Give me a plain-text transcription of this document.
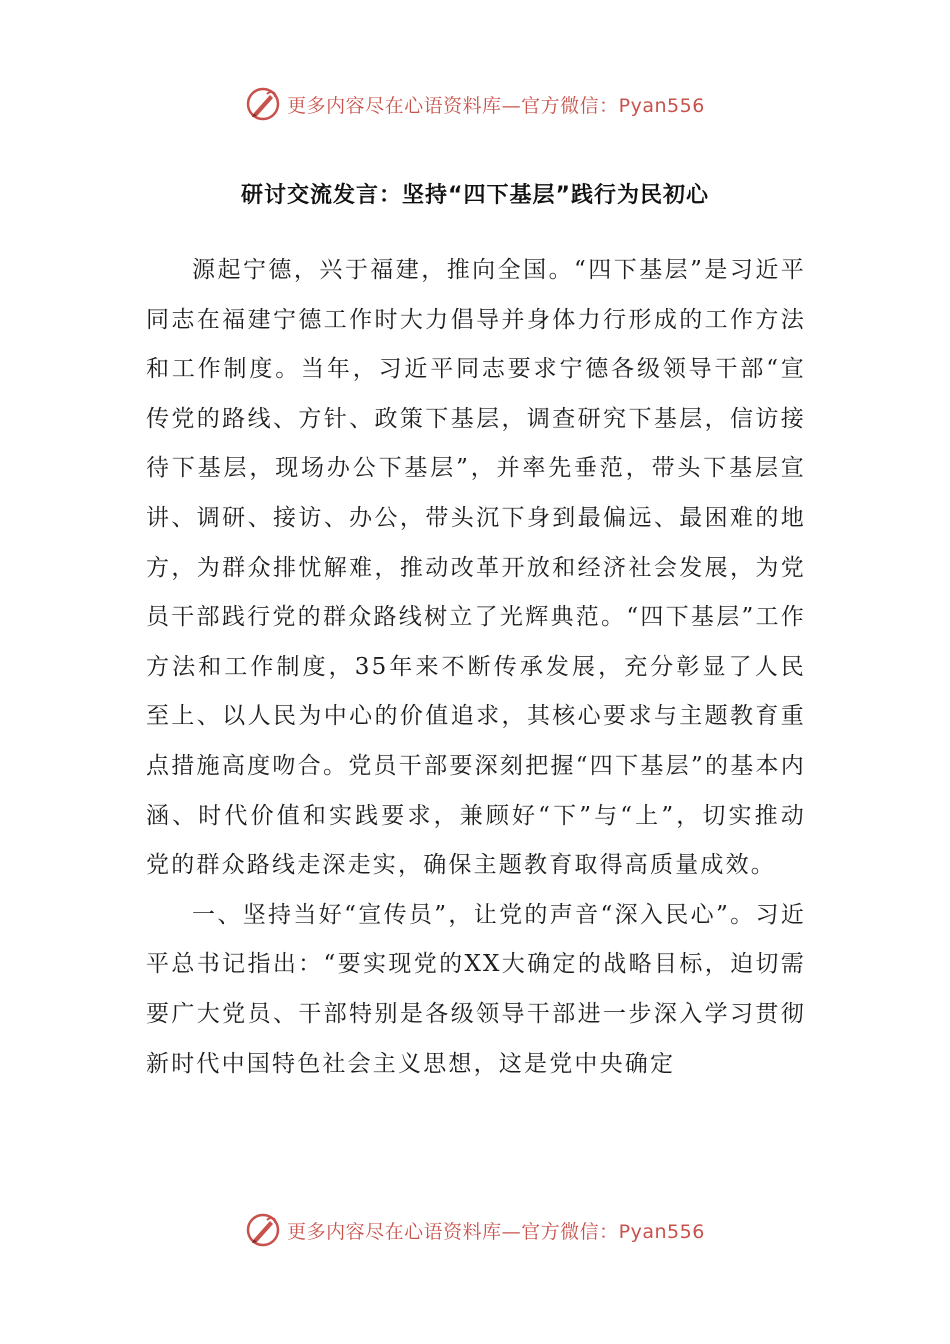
更多内容尽在心语资料库—官方微信：Pyan556
研讨交流发言：坚持“四下基层”践行为民初心

源起宁德，兴于福建，推向全国。“四下基层”是习近平同志在福建宁德工作时大力倡导并身体力行形成的工作方法和工作制度。当年，习近平同志要求宁德各级领导干部“宣传党的路线、方针、政策下基层，调查研究下基层，信访接待下基层，现场办公下基层”，并率先垂范，带头下基层宣讲、调研、接访、办公，带头沉下身到最偏远、最困难的地方，为群众排忧解难，推动改革开放和经济社会发展，为党员干部践行党的群众路线树立了光辉典范。“四下基层”工作方法和工作制度，35年来不断传承发展，充分彰显了人民至上、以人民为中心的价值追求，其核心要求与主题教育重点措施高度吻合。党员干部要深刻把握“四下基层”的基本内涵、时代价值和实践要求，兼顾好“下”与“上”，切实推动党的群众路线走深走实，确保主题教育取得高质量成效。

一、坚持当好“宣传员”，让党的声音“深入民心”。习近平总书记指出：“要实现党的XX大确定的战略目标，迫切需要广大党员、干部特别是各级领导干部进一步深入学习贯彻新时代中国特色社会主义思想，这是党中央确定

更多内容尽在心语资料库—官方微信：Pyan556
